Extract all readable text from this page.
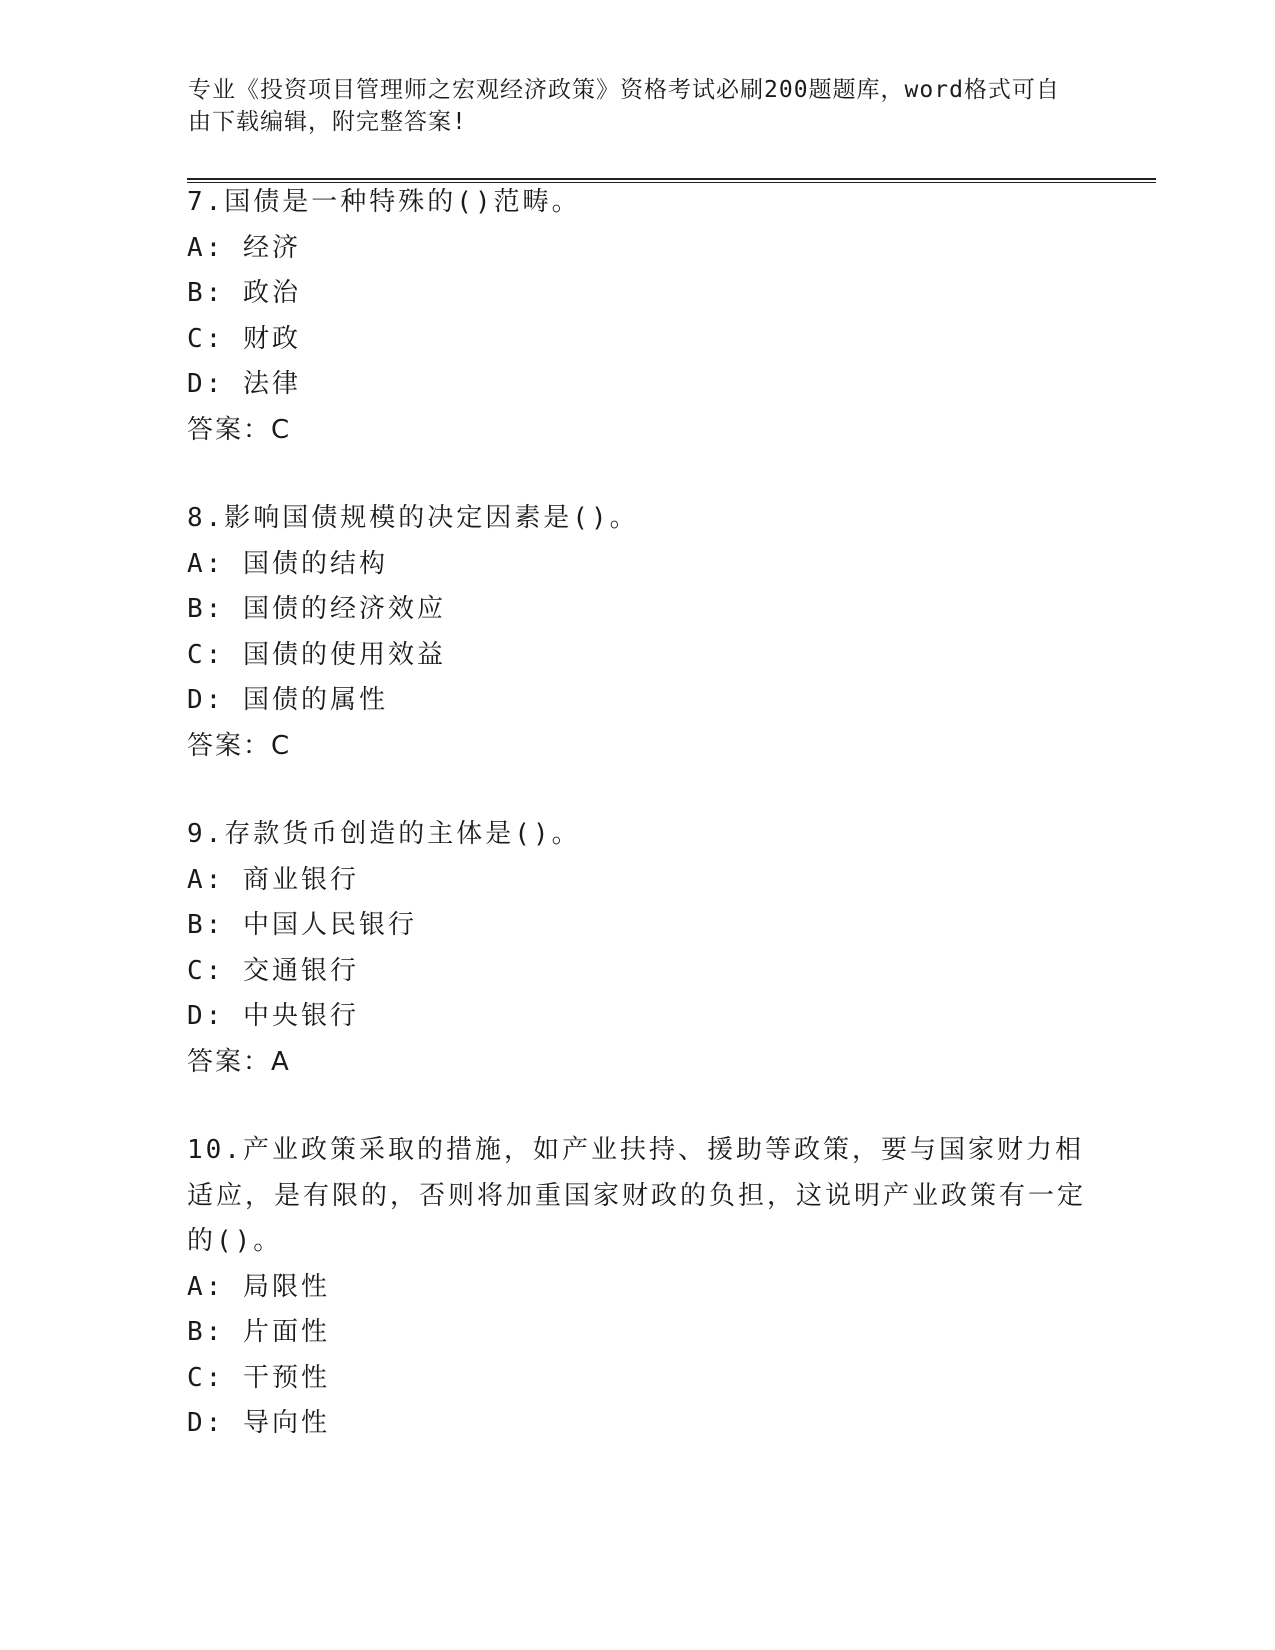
专业《投资项目管理师之宏观经济政策》资格考试必刷200题题库，word格式可自由下载编辑，附完整答案!
7.国债是一种特殊的()范畴。
A: 经济
B: 政治
C: 财政
D: 法律
答案：C
8.影响国债规模的决定因素是()。
A: 国债的结构
B: 国债的经济效应
C: 国债的使用效益
D: 国债的属性
答案：C
9.存款货币创造的主体是()。
A: 商业银行
B: 中国人民银行
C: 交通银行
D: 中央银行
答案：A
10.产业政策采取的措施，如产业扶持、援助等政策，要与国家财力相适应，是有限的，否则将加重国家财政的负担，这说明产业政策有一定的()。
A: 局限性
B: 片面性
C: 干预性
D: 导向性
